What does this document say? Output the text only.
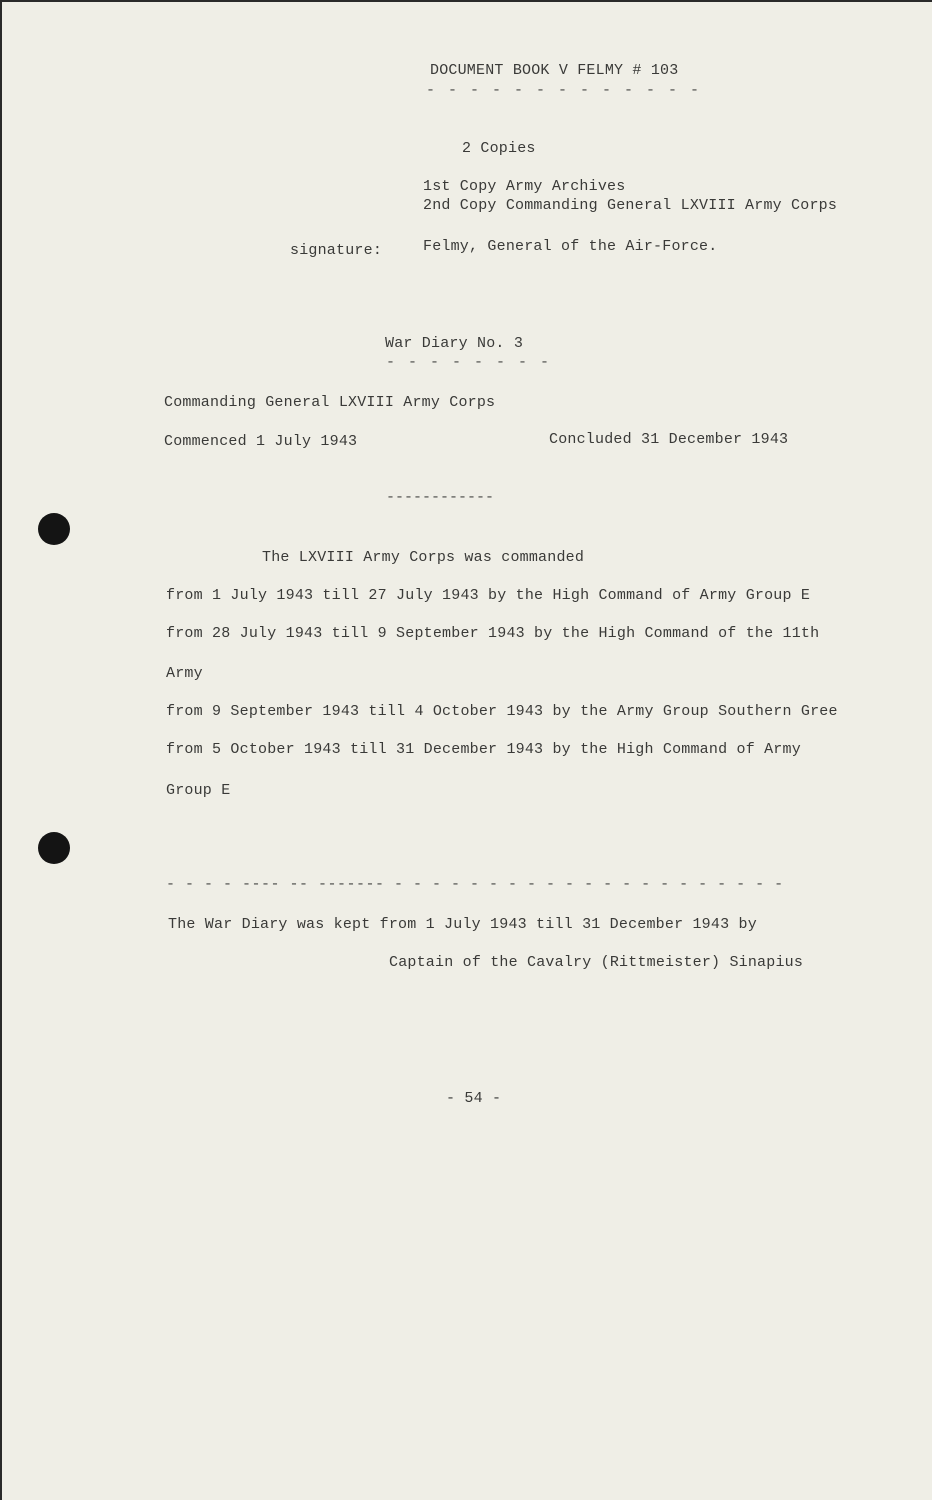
DOCUMENT BOOK V FELMY # 103
- - - - - - - - - - - - -
2 Copies
1st Copy Army Archives
2nd Copy Commanding General LXVIII Army Corps
signature:	Felmy, General of the Air-Force.
War Diary No. 3
- - - - - - - -
Commanding General LXVIII Army Corps
Commenced 1 July 1943	Concluded 31 December 1943
------------
The LXVIII Army Corps was commanded
from 1 July 1943 till 27 July 1943 by the High Command of Army Group E
from 28 July 1943 till 9 September 1943 by the High Command of the 11th
Army
from 9 September 1943 till 4 October 1943 by the Army Group Southern Gree
from 5 October 1943 till 31 December 1943 by the High Command of Army
Group E
- - - - ---- -- ------- - - - - - - - - - - - - - - - - - - - - -
The War Diary was kept from 1 July 1943 till 31 December 1943 by
Captain of the Cavalry (Rittmeister) Sinapius
- 54 -
